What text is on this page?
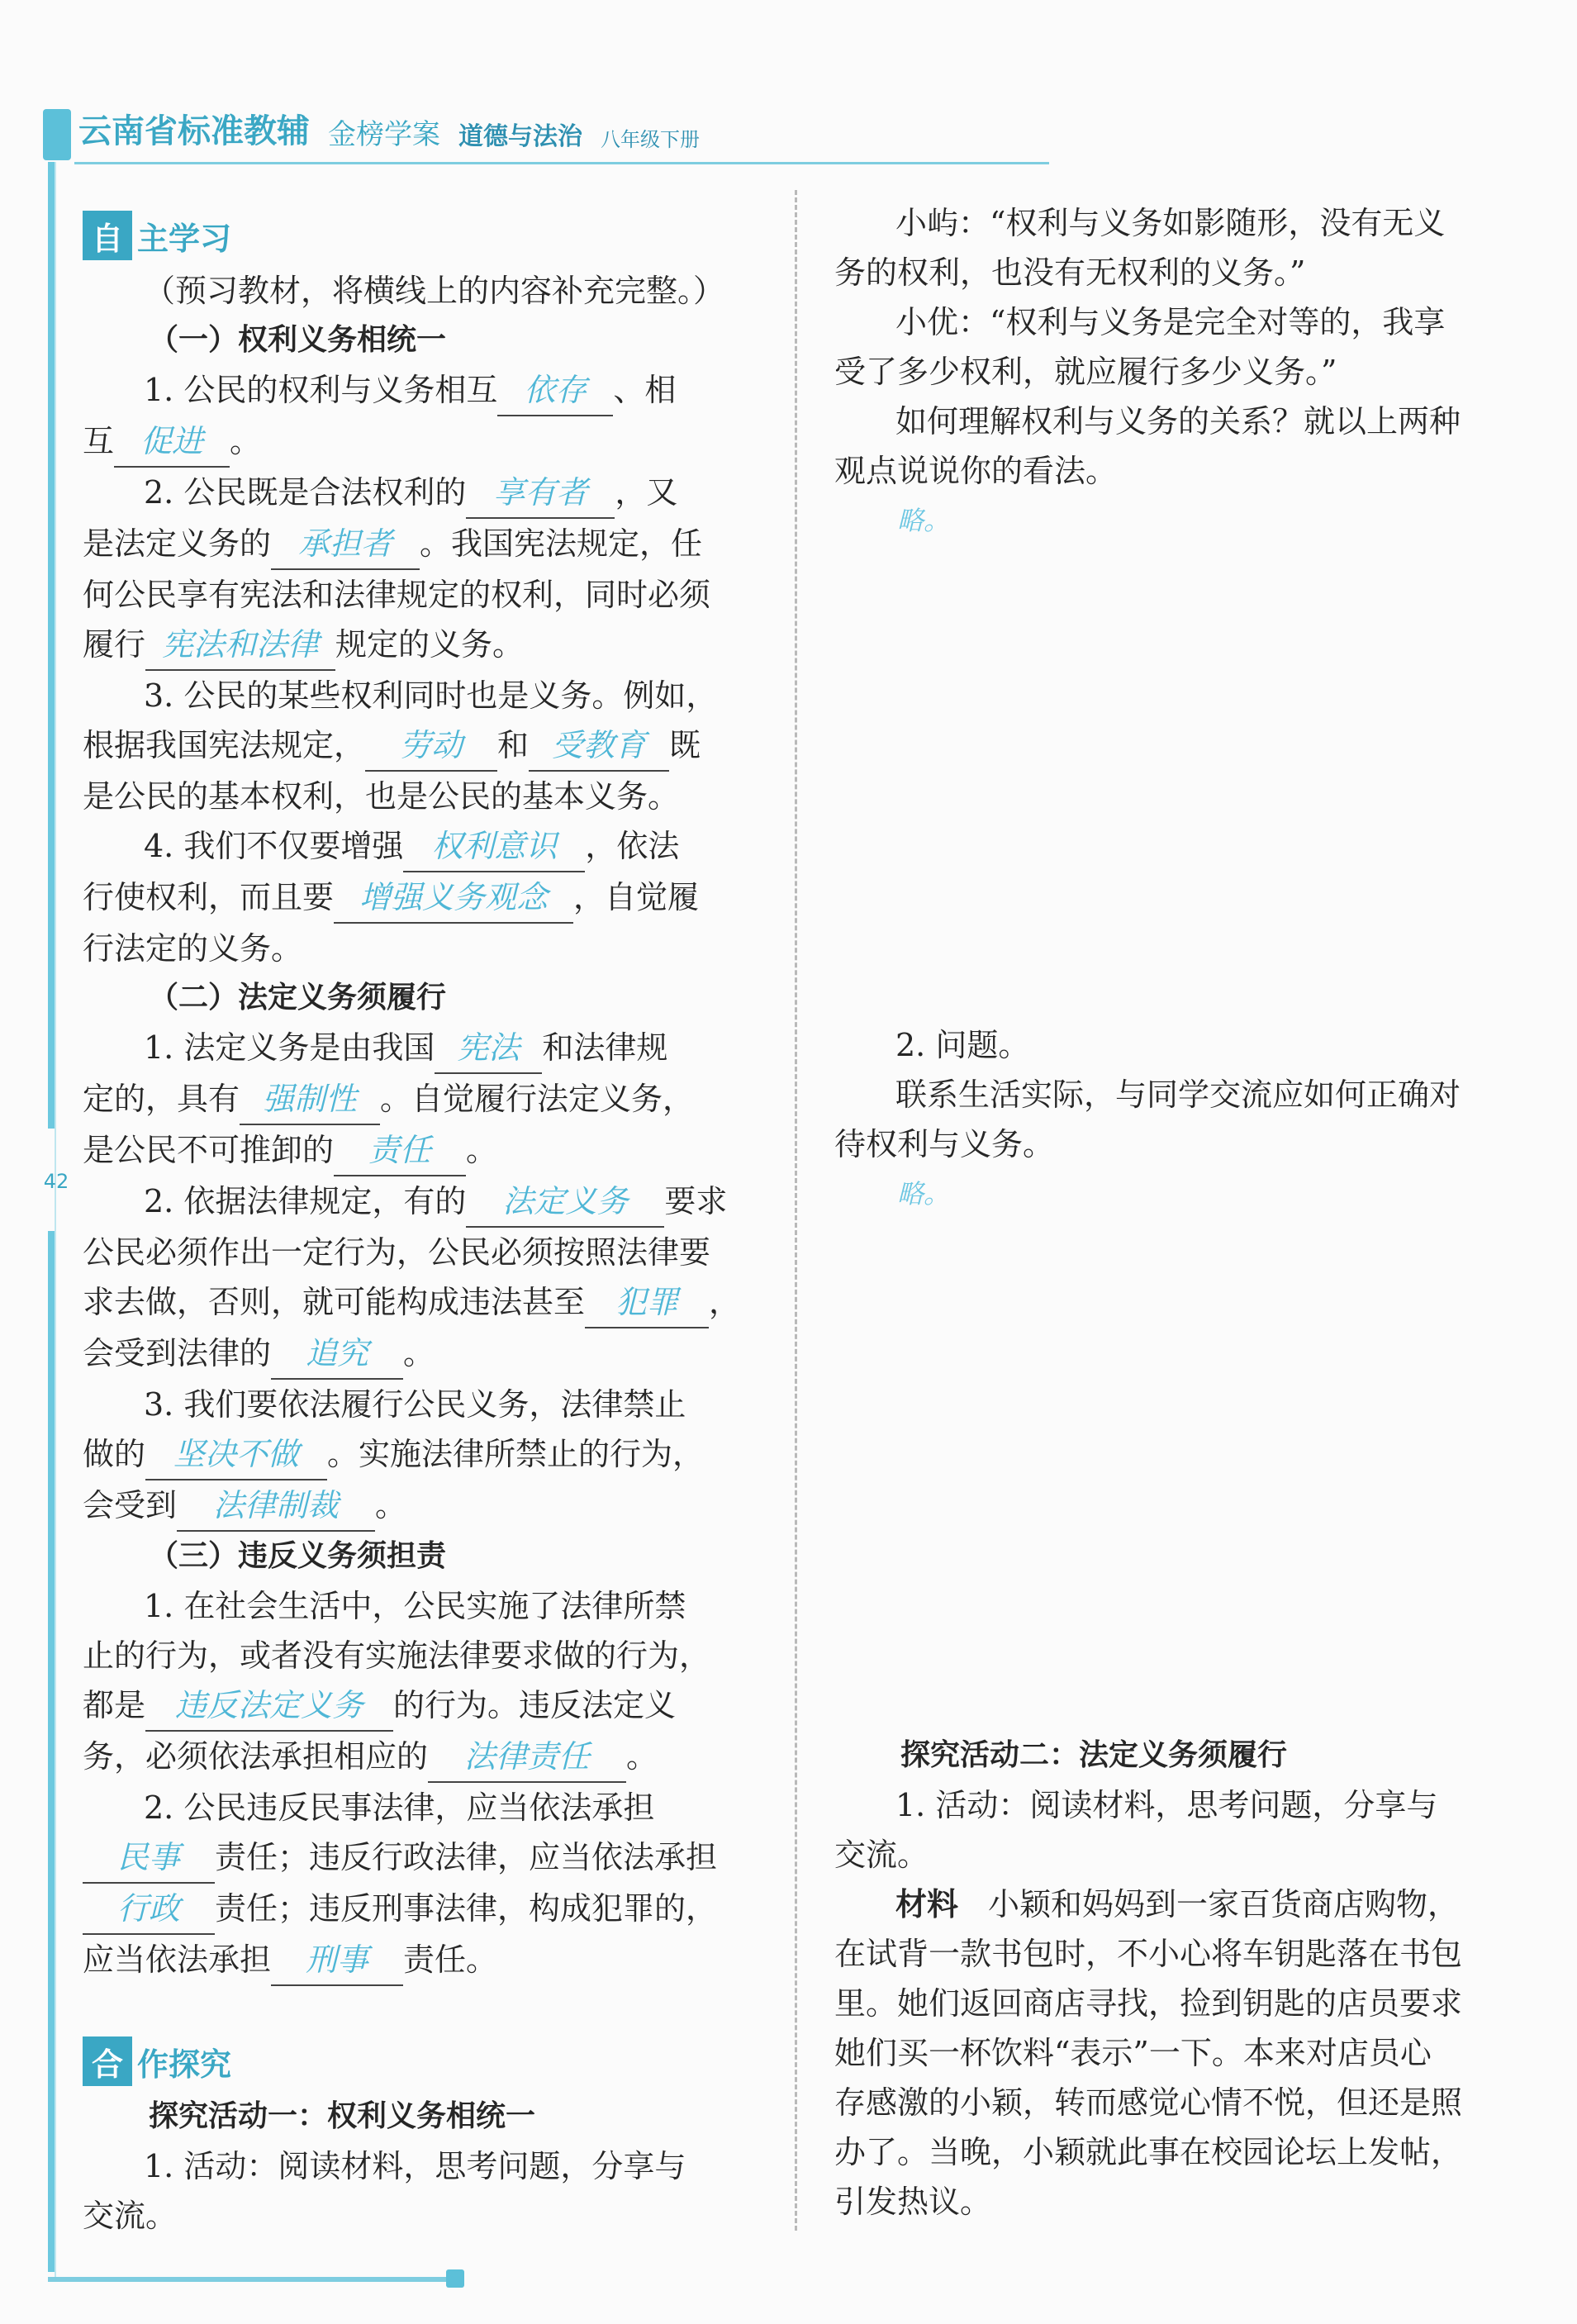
云南省标准教辅 金榜学案 道德与法治 八年级下册
42
自 主学习
（预习教材，将横线上的内容补充完整。）
（一）权利义务相统一
1. 公民的权利与义务相互 依存 、相
互 促进 。
2. 公民既是合法权利的 享有者 ，又
是法定义务的 承担者 。我国宪法规定，任
何公民享有宪法和法律规定的权利，同时必须
履行 宪法和法律 规定的义务。
3. 公民的某些权利同时也是义务。例如，
根据我国宪法规定， 劳动 和 受教育 既
是公民的基本权利，也是公民的基本义务。
4. 我们不仅要增强 权利意识 ，依法
行使权利，而且要 增强义务观念 ，自觉履
行法定的义务。
（二）法定义务须履行
1. 法定义务是由我国 宪法 和法律规
定的，具有 强制性 。自觉履行法定义务，
是公民不可推卸的 责任 。
2. 依据法律规定，有的 法定义务 要求
公民必须作出一定行为，公民必须按照法律要
求去做，否则，就可能构成违法甚至 犯罪 ，
会受到法律的 追究 。
3. 我们要依法履行公民义务，法律禁止
做的 坚决不做 。实施法律所禁止的行为，
会受到 法律制裁 。
（三）违反义务须担责
1. 在社会生活中，公民实施了法律所禁
止的行为，或者没有实施法律要求做的行为，
都是 违反法定义务 的行为。违反法定义
务，必须依法承担相应的 法律责任 。
2. 公民违反民事法律，应当依法承担
民事 责任；违反行政法律，应当依法承担
行政 责任；违反刑事法律，构成犯罪的，
应当依法承担 刑事 责任。
合 作探究
探究活动一：权利义务相统一
1. 活动：阅读材料，思考问题，分享与
交流。
小屿：“权利与义务如影随形，没有无义
务的权利，也没有无权利的义务。”
小优：“权利与义务是完全对等的，我享
受了多少权利，就应履行多少义务。”
如何理解权利与义务的关系？就以上两种
观点说说你的看法。
略。
2. 问题。
联系生活实际，与同学交流应如何正确对
待权利与义务。
略。
探究活动二：法定义务须履行
1. 活动：阅读材料，思考问题，分享与
交流。
材料 小颖和妈妈到一家百货商店购物，
在试背一款书包时，不小心将车钥匙落在书包
里。她们返回商店寻找，捡到钥匙的店员要求
她们买一杯饮料“表示”一下。本来对店员心
存感激的小颖，转而感觉心情不悦，但还是照
办了。当晚，小颖就此事在校园论坛上发帖，
引发热议。
